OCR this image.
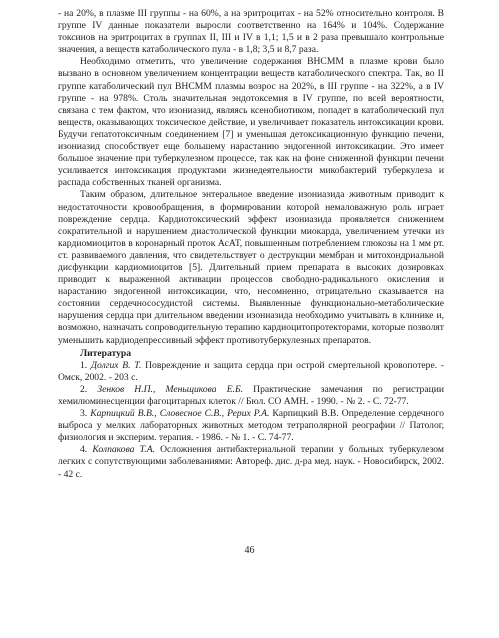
- на 20%, в плазме III группы - на 60%, а на эритроцитах - на 52% относительно контроля. В группе IV данные показатели выросли соответственно на 164% и 104%. Содержание токсинов на эритроцитах в группах II, III и IV в 1,1; 1,5 и в 2 раза превышало контрольные значения, а веществ катаболического пула - в 1,8; 3,5 и 8,7 раза.

Необходимо отметить, что увеличение содержания ВНСММ в плазме крови было вызвано в основном увеличением концентрации веществ катаболического спектра. Так, во II группе катаболический пул ВНСММ плазмы возрос на 202%, в III группе - на 322%, а в IV группе - на 978%. Столь значительная эндотоксемия в IV группе, по всей вероятности, связана с тем фактом, что изониазид, являясь ксенобиотиком, попадет в катаболический пул веществ, оказывающих токсическое действие, и увеличивает показатель интоксикации крови. Будучи гепатотоксичным соединением [7] и уменьшая детоксикационную функцию печени, изониазид способствует еще большему нарастанию эндогенной интоксикации. Это имеет большое значение при туберкулезном процессе, так как на фоне сниженной функции печени усиливается интоксикация продуктами жизнедеятельности микобактерий туберкулеза и распада собственных тканей организма.

Таким образом, длительное энтеральное введение изониазида животным приводит к недостаточности кровообращения, в формировании которой немаловажную роль играет повреждение сердца. Кардиотоксический эффект изониазида проявляется снижением сократительной и нарушением диастолической функции миокарда, увеличением утечки из кардиомиоцитов в коронарный проток АсАТ, повышенным потреблением глюкозы на 1 мм рт. ст. развиваемого давления, что свидетельствует о деструкции мембран и митохондриальной дисфункции кардиомиоцитов [5]. Длительный прием препарата в высоких дозировках приводит к выраженной активации процессов свободно-радикального окисления и нарастанию эндогенной интоксикации, что, несомненно, отрицательно сказывается на состоянии сердечнососудистой системы. Выявленные функционально-метаболические нарушения сердца при длительном введении изониазида необходимо учитывать в клинике и, возможно, назначать сопроводительную терапию кардиоцитопротекторами, которые позволят уменьшить кардиодепрессивный эффект противотуберкулезных препаратов.

Литература

1. Долгих В. Т. Повреждение и защита сердца при острой смертельной кровопотере. - Омск, 2002. - 203 с.

2. Зенков Н.П., Меньщикова Е.Б. Практические замечания по регистрации хемилюминесценции фагоцитарных клеток // Бюл. СО АМН. - 1990. - № 2. - С. 72-77.

3. Карпицкий В.В., Словесное С.В., Рерих Р.А. Карпицкий В.В. Определение сердечного выброса у мелких лабораторных животных методом тетраполярной реографии // Патолог, физиология и эксперим. терапия. - 1986. - № 1. - С. 74-77.

4. Колпакова Т.А. Осложнения антибактериальной терапии у больных туберкулезом легких с сопутствующими заболеваниями: Автореф. дис. д-ра мед. наук. - Новосибирск, 2002. - 42 с.

46
